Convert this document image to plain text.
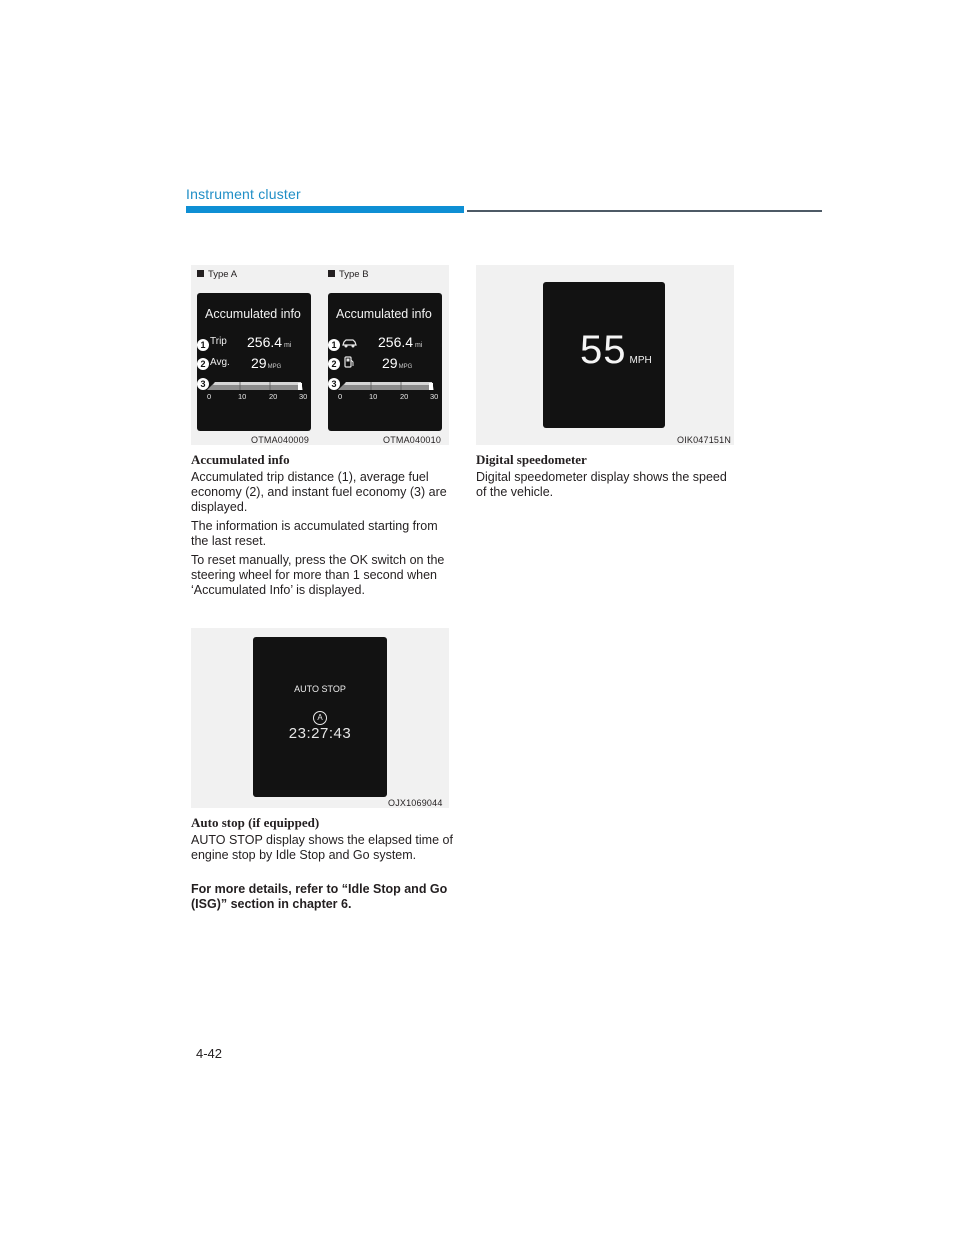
Instrument cluster
Type A
Accumulated info
Trip 256.4 mi
Avg. 29MPG
0	10	20	30
1
2
3
OTMA040009
Type B
Accumulated info
256.4 mi
29MPG
0	10	20	30
1
2
3
OTMA040010
Accumulated info
Accumulated trip distance (1), average fuel economy (2), and instant fuel economy (3) are displayed.
The information is accumulated starting from the last reset.
To reset manually, press the OK switch on the steering wheel for more than 1 second when ‘Accumulated Info’ is displayed.
AUTO STOP
A
23:27:43
OJX1069044
Auto stop (if equipped)
AUTO STOP display shows the elapsed time of engine stop by Idle Stop and Go system.
For more details, refer to “Idle Stop and Go (ISG)” section in chapter 6.
55 MPH
OIK047151N
Digital speedometer
Digital speedometer display shows the speed of the vehicle.
4-42
